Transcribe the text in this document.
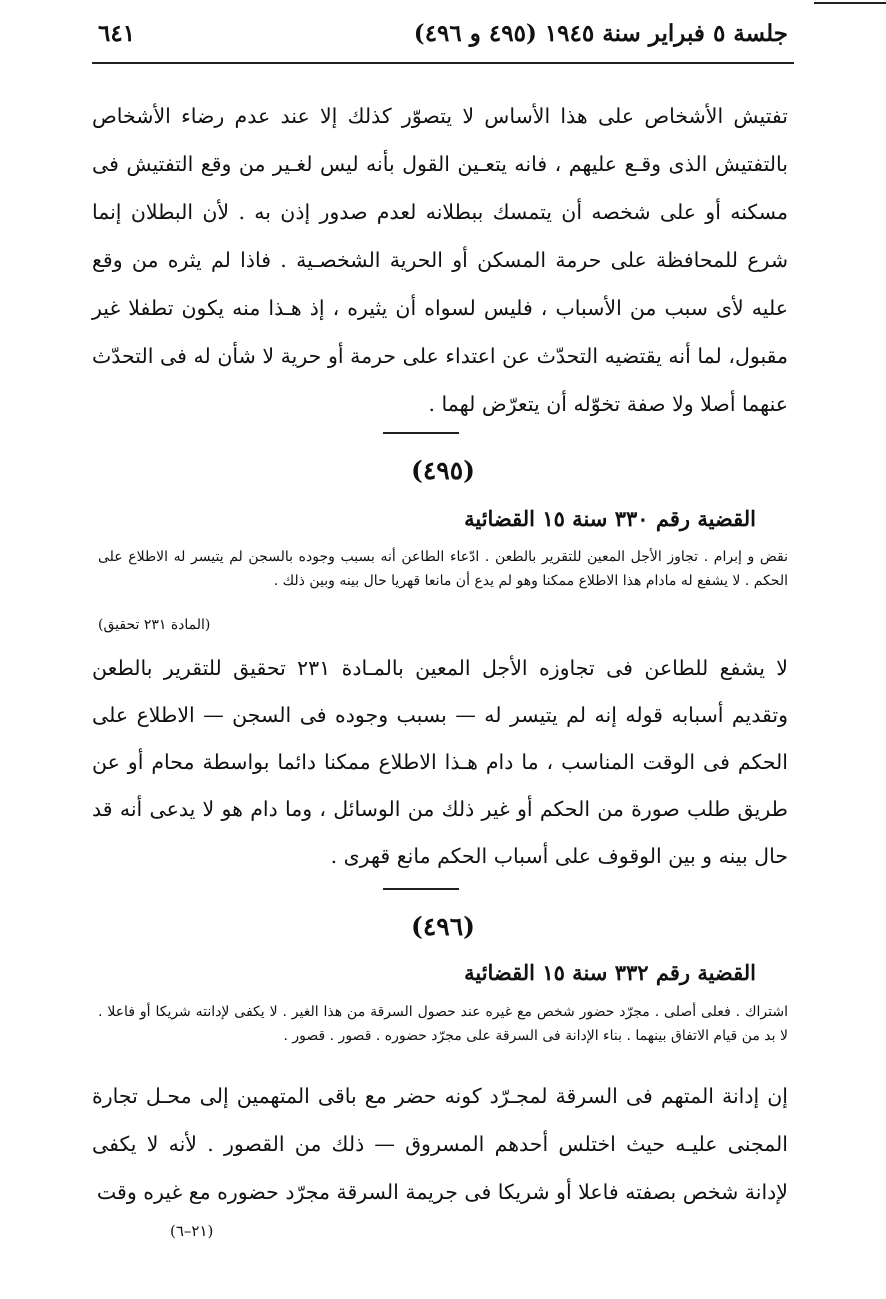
جلسة ٥ فبراير سنة ١٩٤٥ (٤٩٥ و ٤٩٦)
٦٤١
تفتيش الأشخاص على هذا الأساس لا يتصوّر كذلك إلا عند عدم رضاء الأشخاص بالتفتيش الذى وقـع عليهم ، فانه يتعـين القول بأنه ليس لغـير من وقع التفتيش فى مسكنه أو على شخصه أن يتمسك ببطلانه لعدم صدور إذن به . لأن البطلان إنما شرع للمحافظة على حرمة المسكن أو الحرية الشخصـية . فاذا لم يثره من وقع عليه لأى سبب من الأسباب ، فليس لسواه أن يثيره ، إذ هـذا منه يكون تطفلا غير مقبول، لما أنه يقتضيه التحدّث عن اعتداء على حرمة أو حرية لا شأن له فى التحدّث عنهما أصلا ولا صفة تخوّله أن يتعرّض لهما .
(٤٩٥)
القضية رقم ٣٣٠ سنة ١٥ القضائية
نقض و إبرام . تجاوز الأجل المعين للتقرير بالطعن . ادّعاء الطاعن أنه بسبب وجوده بالسجن لم يتيسر له الاطلاع على الحكم . لا يشفع له مادام هذا الاطلاع ممكنا وهو لم يدع أن مانعا قهريا حال بينه وبين ذلك .
(المادة ٢٣١ تحقيق)
لا يشفع للطاعن فى تجاوزه الأجل المعين بالمـادة ٢٣١ تحقيق للتقرير بالطعن وتقديم أسبابه قوله إنه لم يتيسر له — بسبب وجوده فى السجن — الاطلاع على الحكم فى الوقت المناسب ، ما دام هـذا الاطلاع ممكنا دائما بواسطة محام أو عن طريق طلب صورة من الحكم أو غير ذلك من الوسائل ، وما دام هو لا يدعى أنه قد حال بينه و بين الوقوف على أسباب الحكم مانع قهرى .
(٤٩٦)
القضية رقم ٣٣٢ سنة ١٥ القضائية
اشتراك . فعلى أصلى . مجرّد حضور شخص مع غيره عند حصول السرقة من هذا الغير . لا يكفى لإدانته شريكا أو فاعلا . لا بد من قيام الاتفاق بينهما . بناء الإدانة فى السرقة على مجرّد حضوره . قصور . قصور .
إن إدانة المتهم فى السرقة لمجـرّد كونه حضر مع باقى المتهمين إلى محـل تجارة المجنى عليـه حيث اختلس أحدهم المسروق — ذلك من القصور . لأنه لا يكفى لإدانة شخص بصفته فاعلا أو شريكا فى جريمة السرقة مجرّد حضوره مع غيره وقت
(٢١–٦)
